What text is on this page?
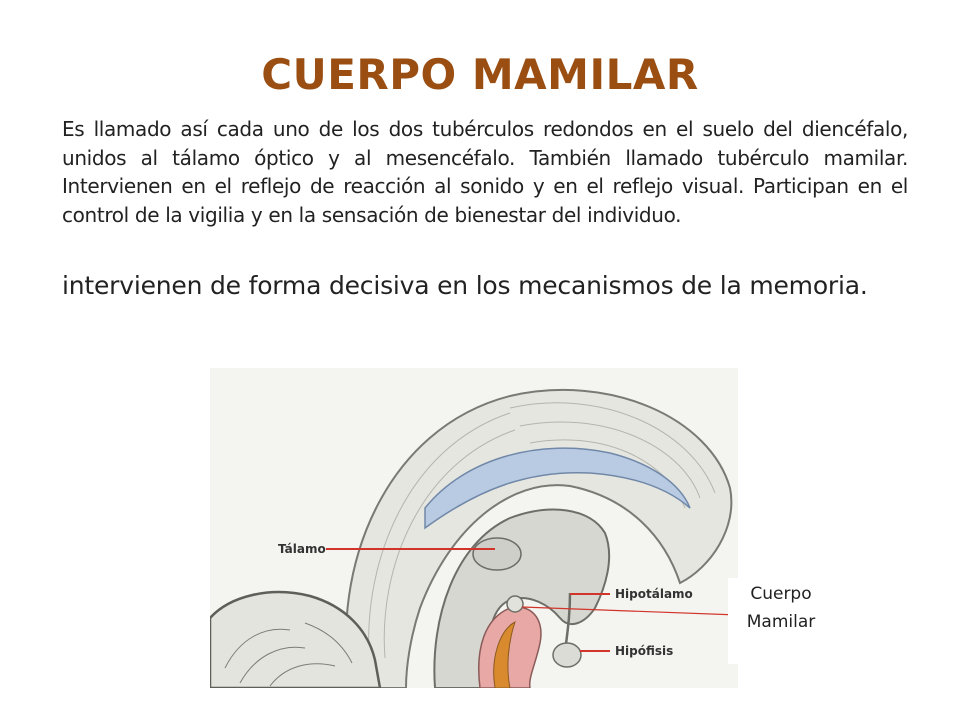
CUERPO MAMILAR

Es llamado así cada uno de los dos tubérculos redondos en el suelo del diencéfalo, unidos al tálamo óptico y al mesencéfalo. También llamado tubérculo mamilar. Intervienen en el reflejo de reacción al sonido y en el reflejo visual. Participan en el control de la vigilia y en la sensación de bienestar del individuo.

intervienen de forma decisiva en los mecanismos de la memoria.

Tálamo
Hipotálamo
Hipófisis
Cuerpo
Mamilar
